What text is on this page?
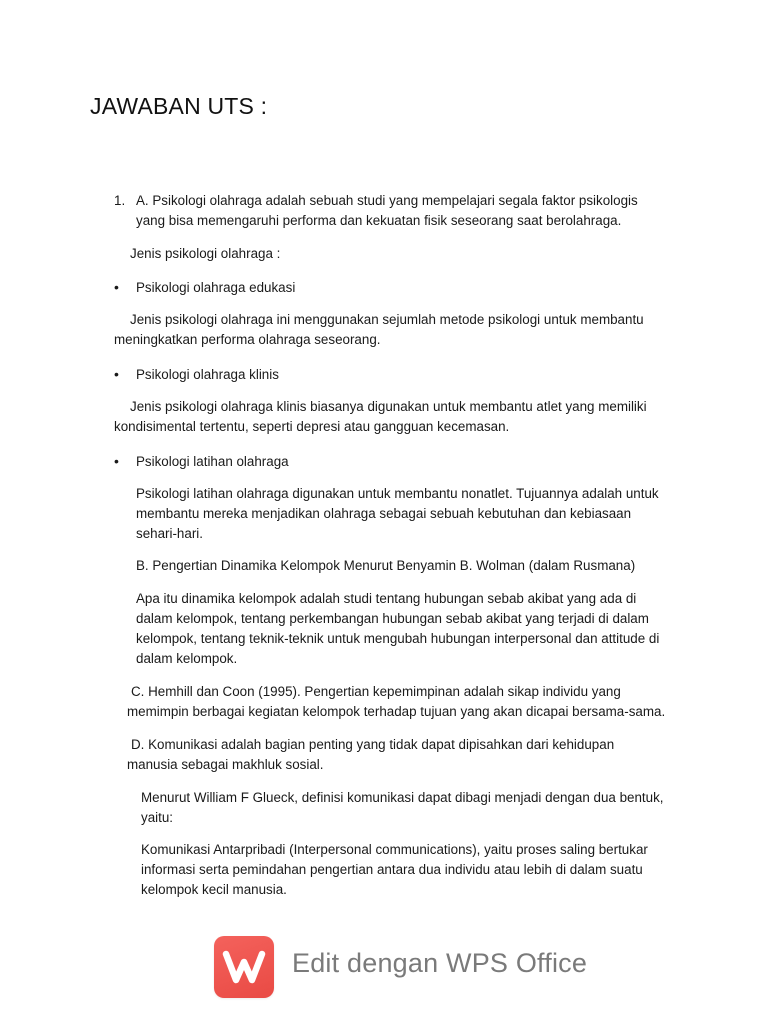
JAWABAN UTS :
1. A. Psikologi olahraga adalah sebuah studi yang mempelajari segala faktor psikologis

yang bisa memengaruhi performa dan kekuatan fisik seseorang saat berolahraga.

Jenis psikologi olahraga :

• Psikologi olahraga edukasi

Jenis psikologi olahraga ini menggunakan sejumlah metode psikologi untuk membantu

meningkatkan performa olahraga seseorang.

• Psikologi olahraga klinis

Jenis psikologi olahraga klinis biasanya digunakan untuk membantu atlet yang memiliki

kondisimental tertentu, seperti depresi atau gangguan kecemasan.

• Psikologi latihan olahraga

Psikologi latihan olahraga digunakan untuk membantu nonatlet. Tujuannya adalah untuk

membantu mereka menjadikan olahraga sebagai sebuah kebutuhan dan kebiasaan

sehari-hari.

B. Pengertian Dinamika Kelompok Menurut Benyamin B. Wolman (dalam Rusmana)

Apa itu dinamika kelompok adalah studi tentang hubungan sebab akibat yang ada di

dalam kelompok, tentang perkembangan hubungan sebab akibat yang terjadi di dalam

kelompok, tentang teknik-teknik untuk mengubah hubungan interpersonal dan attitude di

dalam kelompok.

C. Hemhill dan Coon (1995). Pengertian kepemimpinan adalah sikap individu yang

memimpin berbagai kegiatan kelompok terhadap tujuan yang akan dicapai bersama-sama.

D. Komunikasi adalah bagian penting yang tidak dapat dipisahkan dari kehidupan

manusia sebagai makhluk sosial.

Menurut William F Glueck, definisi komunikasi dapat dibagi menjadi dengan dua bentuk,

yaitu:

Komunikasi Antarpribadi (Interpersonal communications), yaitu proses saling bertukar

informasi serta pemindahan pengertian antara dua individu atau lebih di dalam suatu

kelompok kecil manusia.

Edit dengan WPS Office
